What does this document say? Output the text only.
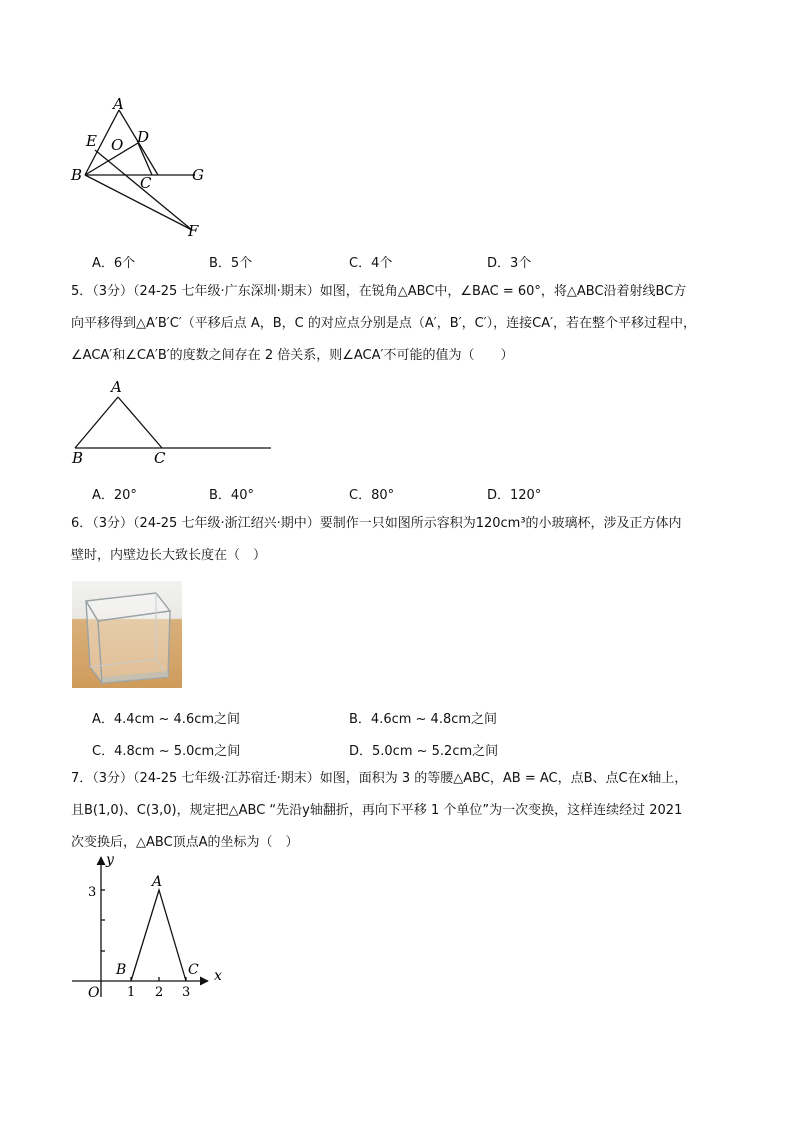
A
E O D
B	C	G
F
A．6个	B．5个	C．4个	D．3个
5．（3分）（24-25 七年级·广东深圳·期末）如图，在锐角△ABC中，∠BAC = 60°，将△ABC沿着射线BC方
向平移得到△A′B′C′（平移后点 A，B，C 的对应点分别是点（A′，B′，C′），连接CA′，若在整个平移过程中，
∠ACA′和∠CA′B′的度数之间存在 2 倍关系，则∠ACA′不可能的值为（　　）
A
B	C
A．20°	B．40°	C．80°	D．120°
6．（3分）（24-25 七年级·浙江绍兴·期中）要制作一只如图所示容积为120cm³的小玻璃杯，涉及正方体内
壁时，内壁边长大致长度在（　）
A．4.4cm ~ 4.6cm之间	B．4.6cm ~ 4.8cm之间
C．4.8cm ~ 5.0cm之间	D．5.0cm ~ 5.2cm之间
7．（3分）（24-25 七年级·江苏宿迁·期末）如图，面积为 3 的等腰△ABC，AB = AC，点B、点C在x轴上，
且B(1,0)、C(3,0)，规定把△ABC “先沿y轴翻折，再向下平移 1 个单位”为一次变换，这样连续经过 2021
次变换后，△ABC顶点A的坐标为（　）
y
x
O
A
B	C
3
1 2 3
